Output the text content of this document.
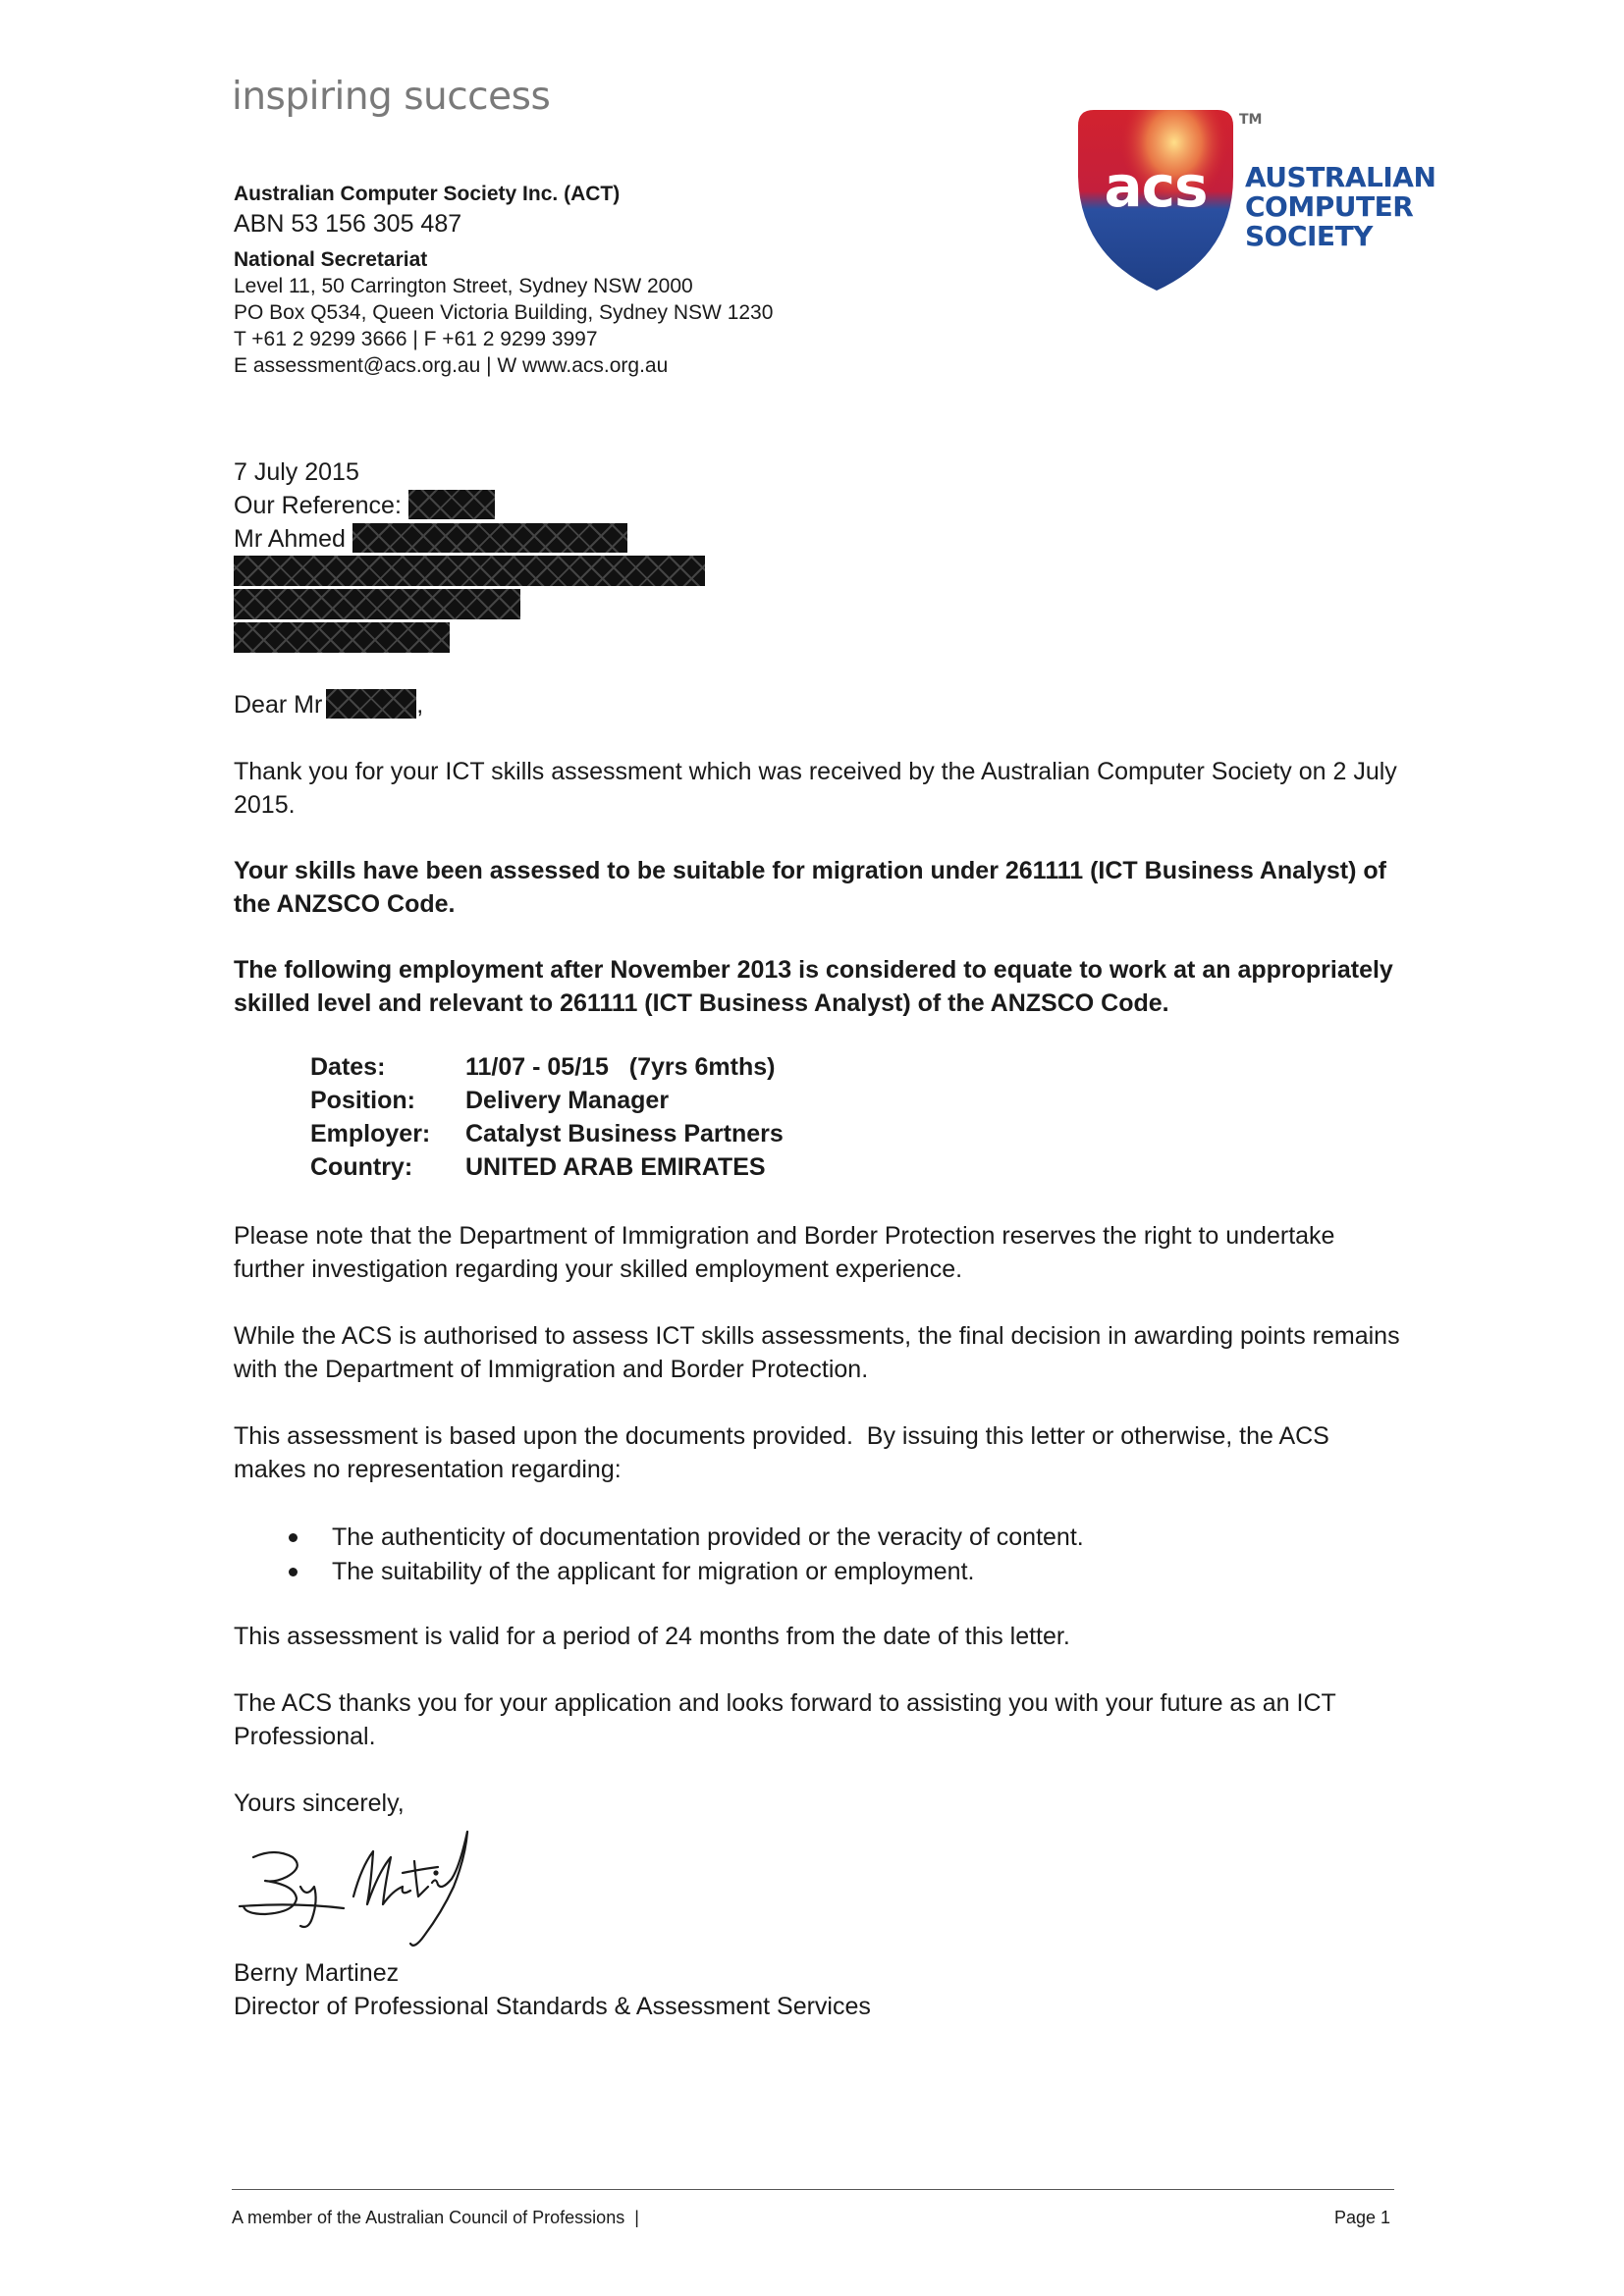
inspiring success
Australian Computer Society Inc. (ACT)
ABN 53 156 305 487
National Secretariat
Level 11, 50 Carrington Street, Sydney NSW 2000
PO Box Q534, Queen Victoria Building, Sydney NSW 1230
T +61 2 9299 3666 | F +61 2 9299 3997
E assessment@acs.org.au | W www.acs.org.au
acs
TM
AUSTRALIAN
COMPUTER
SOCIETY
7 July 2015
Our Reference:
Mr Ahmed
Dear Mr	,
Thank you for your ICT skills assessment which was received by the Australian Computer Society on 2 July 2015.
Your skills have been assessed to be suitable for migration under 261111 (ICT Business Analyst) of the ANZSCO Code.
The following employment after November 2013 is considered to equate to work at an appropriately skilled level and relevant to 261111 (ICT Business Analyst) of the ANZSCO Code.
Dates:	11/07 - 05/15   (7yrs 6mths)
Position:	Delivery Manager
Employer:	Catalyst Business Partners
Country:	UNITED ARAB EMIRATES
Please note that the Department of Immigration and Border Protection reserves the right to undertake further investigation regarding your skilled employment experience.
While the ACS is authorised to assess ICT skills assessments, the final decision in awarding points remains with the Department of Immigration and Border Protection.
This assessment is based upon the documents provided.  By issuing this letter or otherwise, the ACS makes no representation regarding:
The authenticity of documentation provided or the veracity of content.
The suitability of the applicant for migration or employment.
This assessment is valid for a period of 24 months from the date of this letter.
The ACS thanks you for your application and looks forward to assisting you with your future as an ICT Professional.
Yours sincerely,
Berny Martinez
Director of Professional Standards & Assessment Services
A member of the Australian Council of Professions  |	Page 1
